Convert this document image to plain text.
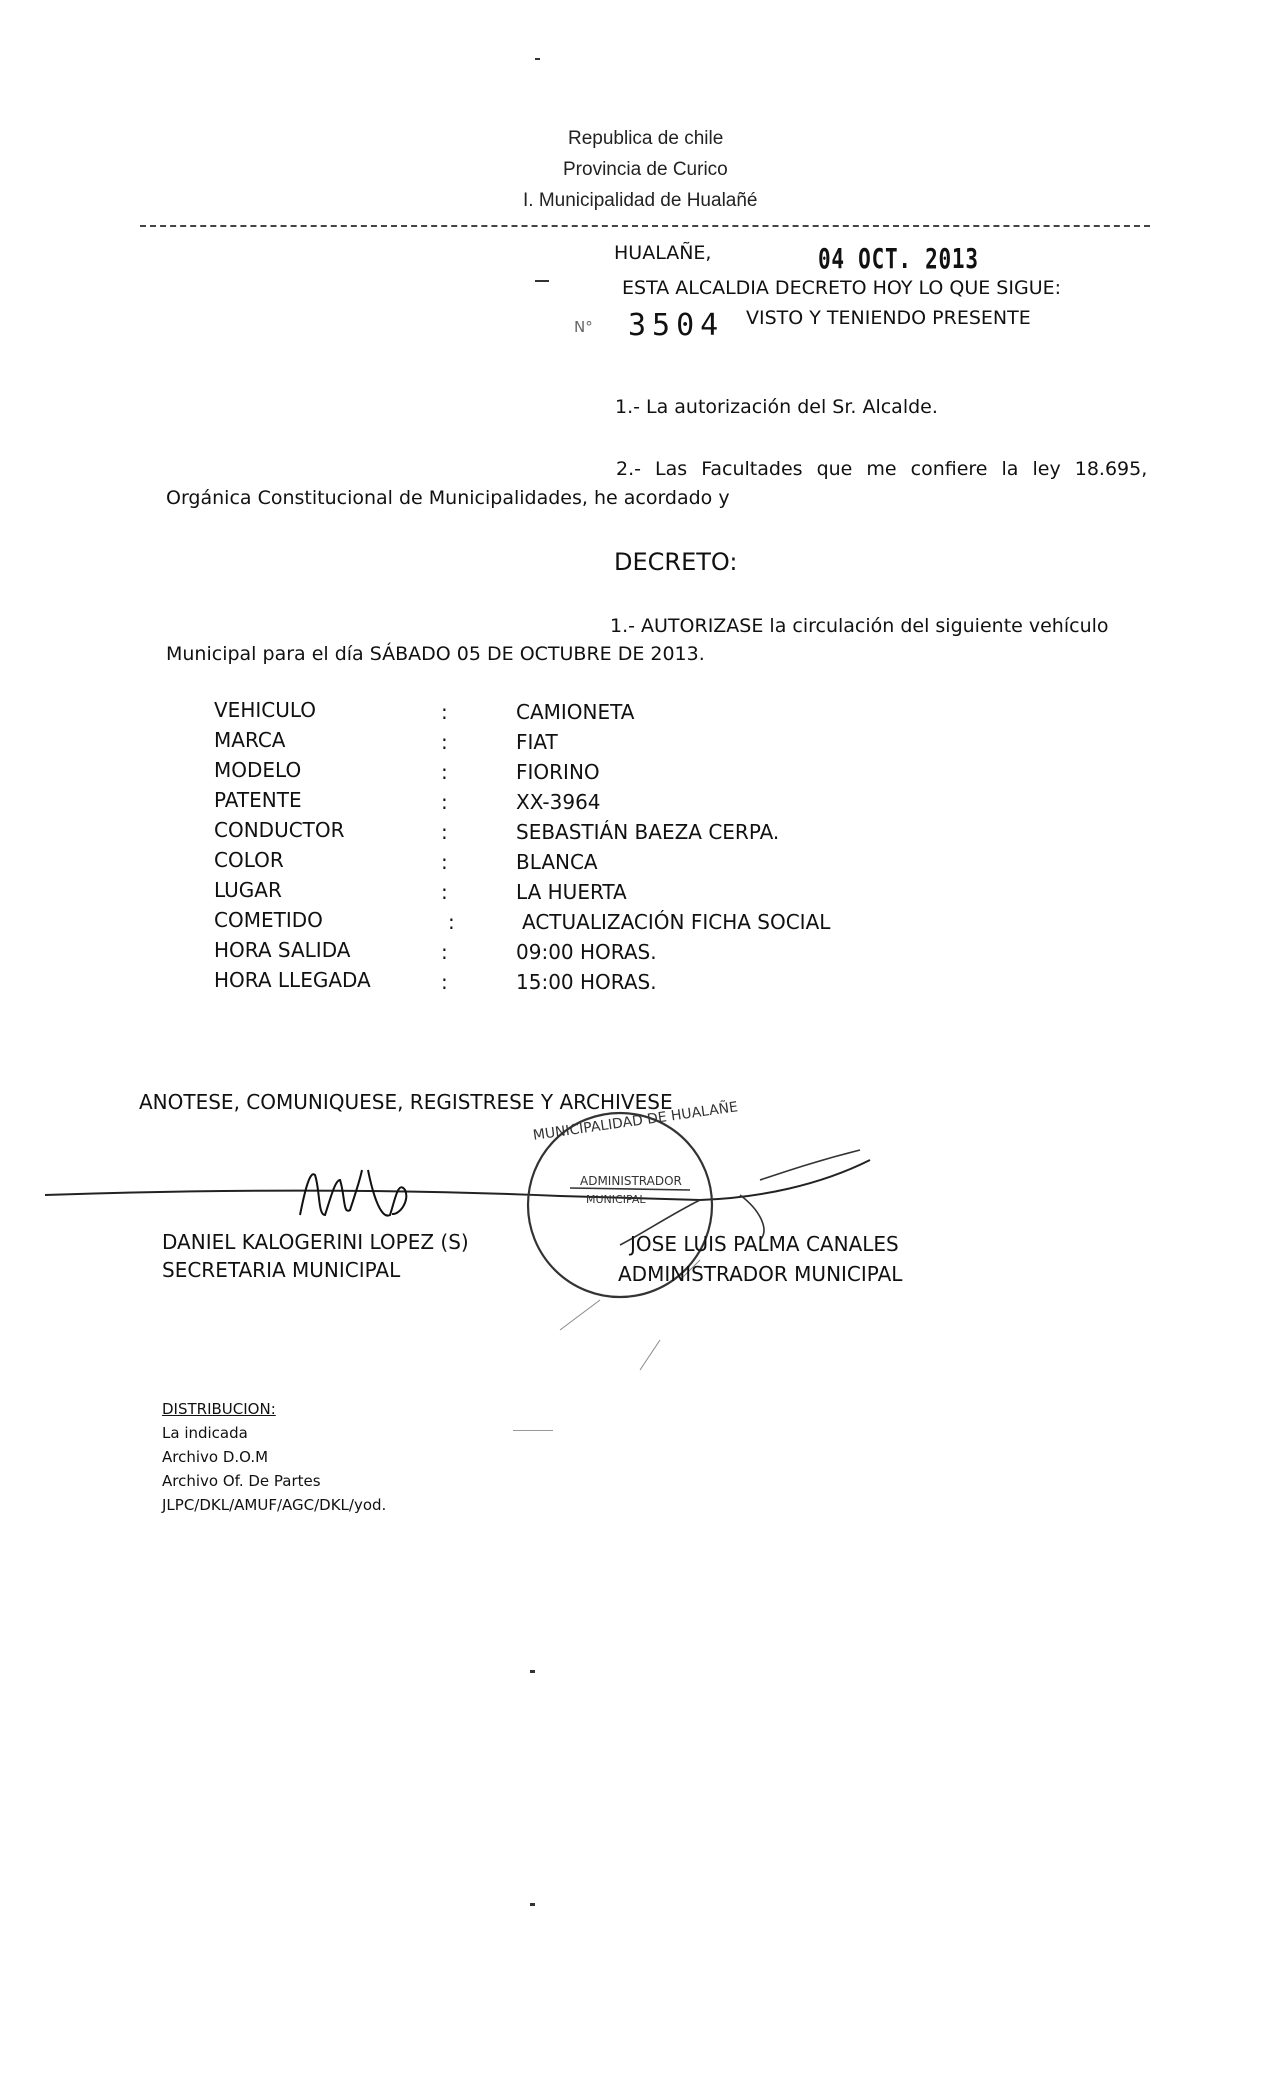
Republica de chile
Provincia de Curico
I. Municipalidad de Hualañé
HUALAÑE,	04 OCT. 2013
ESTA ALCALDIA DECRETO HOY LO QUE SIGUE:
N° 3504 VISTO Y TENIENDO PRESENTE
1.- La autorización del Sr. Alcalde.
2.- Las Facultades que me confiere la ley 18.695,
Orgánica Constitucional de Municipalidades, he acordado y
DECRETO:
1.- AUTORIZASE la circulación del siguiente vehículo
Municipal para el día SÁBADO 05 DE OCTUBRE DE 2013.
VEHICULO	:	CAMIONETA
MARCA	:	FIAT
MODELO	:	FIORINO
PATENTE	:	XX-3964
CONDUCTOR	:	SEBASTIÁN BAEZA CERPA.
COLOR	:	BLANCA
LUGAR	:	LA HUERTA
COMETIDO	:	ACTUALIZACIÓN FICHA SOCIAL
HORA SALIDA	:	09:00 HORAS.
HORA LLEGADA	:	15:00 HORAS.
ANOTESE, COMUNIQUESE, REGISTRESE Y ARCHIVESE
MUNICIPALIDAD DE HUALAÑE
ADMINISTRADOR
MUNICIPAL
DANIEL KALOGERINI LOPEZ (S)
SECRETARIA MUNICIPAL
JOSE LUIS PALMA CANALES
ADMINISTRADOR MUNICIPAL
DISTRIBUCION:
La indicada
Archivo D.O.M
Archivo Of. De Partes
JLPC/DKL/AMUF/AGC/DKL/yod.
